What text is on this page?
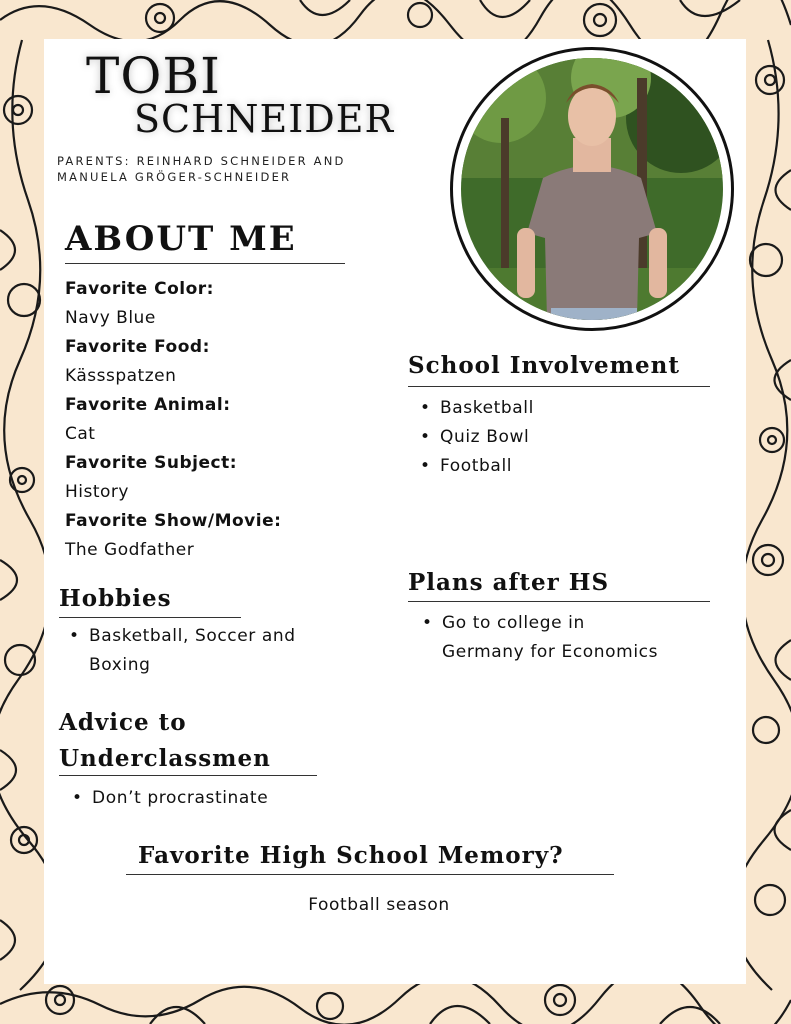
TOBI
SCHNEIDER
PARENTS: REINHARD SCHNEIDER AND
MANUELA GRÖGER-SCHNEIDER
ABOUT ME
Favorite Color:
Navy Blue
Favorite Food:
Kässspatzen
Favorite Animal:
Cat
Favorite Subject:
History
Favorite Show/Movie:
The Godfather
Hobbies
• Basketball, Soccer and
Boxing
Advice to
Underclassmen
• Don’t procrastinate
School Involvement
• Basketball
• Quiz Bowl
• Football
Plans after HS
• Go to college in
Germany for Economics
Favorite High School Memory?
Football season
